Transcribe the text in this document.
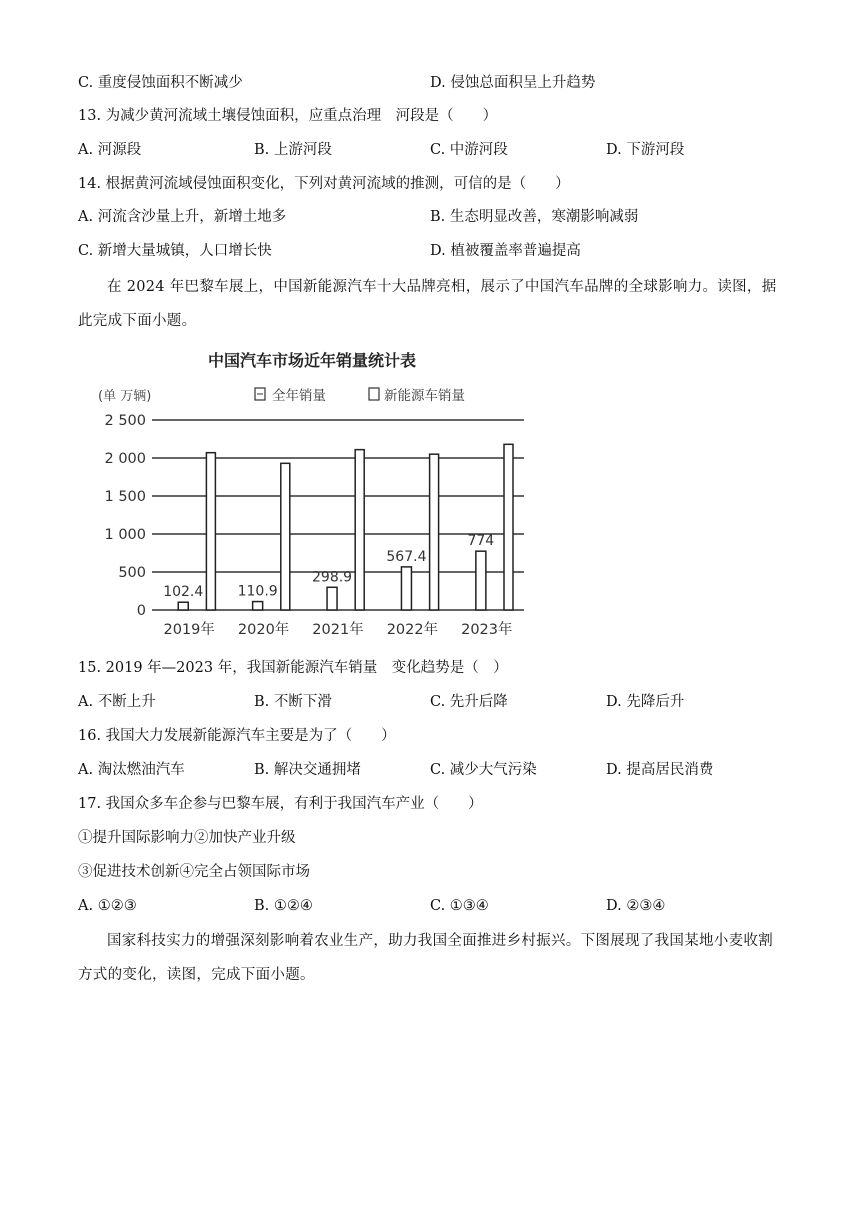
C. 重度侵蚀面积不断减少	D. 侵蚀总面积呈上升趋势
13. 为减少黄河流域土壤侵蚀面积，应重点治理　河段是（　　）
A. 河源段	B. 上游河段	C. 中游河段	D. 下游河段
14. 根据黄河流域侵蚀面积变化，下列对黄河流域的推测，可信的是（　　）
A. 河流含沙量上升，新增土地多	B. 生态明显改善，寒潮影响减弱
C. 新增大量城镇，人口增长快	D. 植被覆盖率普遍提高
在 2024 年巴黎车展上，中国新能源汽车十大品牌亮相，展示了中国汽车品牌的全球影响力。读图，据此完成下面小题。
中国汽车市场近年销量统计表
(单 万辆)	全年销量	新能源车销量
0
500
1 000
1 500
2 000
2 500
2019年 2020年 2021年 2022年 2023年
102.4 110.9
298.9
567.4
774
15. 2019 年—2023 年，我国新能源汽车销量　变化趋势是（　）
A. 不断上升	B. 不断下滑	C. 先升后降	D. 先降后升
16. 我国大力发展新能源汽车主要是为了（　　）
A. 淘汰燃油汽车	B. 解决交通拥堵	C. 减少大气污染	D. 提高居民消费
17. 我国众多车企参与巴黎车展，有利于我国汽车产业（　　）
①提升国际影响力②加快产业升级
③促进技术创新④完全占领国际市场
A. ①②③	B. ①②④	C. ①③④	D. ②③④
国家科技实力的增强深刻影响着农业生产，助力我国全面推进乡村振兴。下图展现了我国某地小麦收割方式的变化，读图，完成下面小题。
